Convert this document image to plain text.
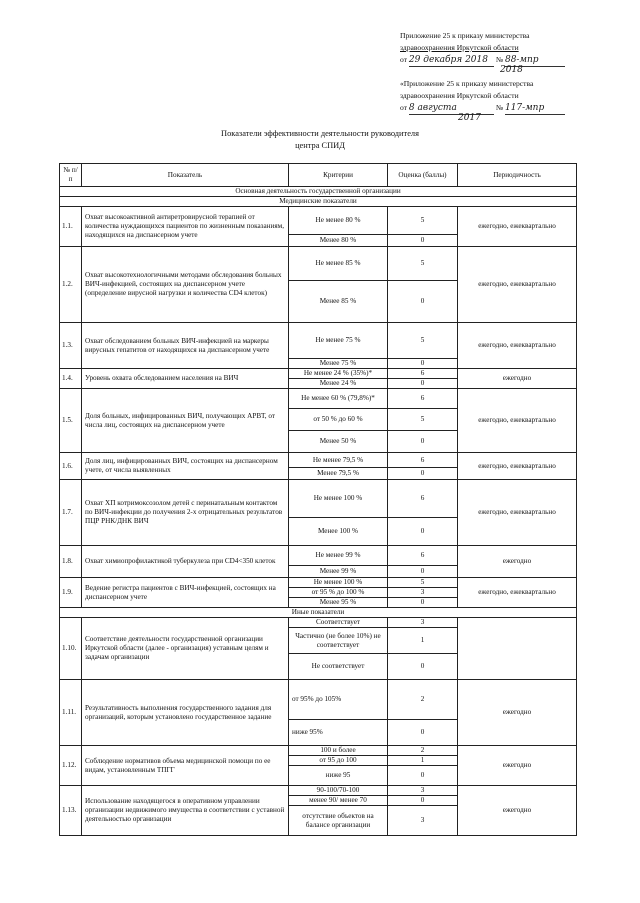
Приложение 25 к приказу министерства
здравоохранения Иркутской области
от 29 декабря 2018 № 88-мпр
2018
«Приложение 25 к приказу министерства
здравоохранения Иркутской области
от 8 августа	№ 117-мпр
2017
Показатели эффективности деятельности руководителя
центра СПИД
№ п/п	Показатель	Критерии	Оценка (баллы)	Периодичность
Основная деятельность государственной организации				
Медицинские показатели				
1.1.	Охват высокоактивной антиретровирусной терапией от количества нуждающихся пациентов по жизненным показаниям, находящихся на диспансерном учете	Не менее 80 %	5	ежегодно, ежеквартально
		Менее 80 %	0	
1.2.	Охват высокотехнологичными методами обследования больных ВИЧ-инфекцией, состоящих на диспансерном учете (определение вирусной нагрузки и количества CD4 клеток)	Не менее 85 %	5	ежегодно, ежеквартально
		Менее 85 %	0	
1.3.	Охват обследованием больных ВИЧ-инфекцией на маркеры вирусных гепатитов от находящихся на диспансерном учете	Не менее 75 %	5	ежегодно, ежеквартально
		Менее 75 %	0	
1.4.	Уровень охвата обследованием населения на ВИЧ	Не менее 24 % (35%)*	6	ежегодно
		Менее 24 %	0	
1.5.	Доля больных, инфицированных ВИЧ, получающих АРВТ, от числа лиц, состоящих на диспансерном учете	Не менее 60 % (79,8%)*	6	ежегодно, ежеквартально
		от 50 % до 60 %	5	
		Менее 50 %	0	
1.6.	Доля лиц, инфицированных ВИЧ, состоящих на диспансерном учете, от числа выявленных	Не менее 79,5 %	6	ежегодно, ежеквартально
		Менее 79,5 %	0	
1.7.	Охват ХП котримоксозолом детей с перинатальным контактом по ВИЧ-инфекции до получения 2-х отрицательных результатов ПЦР РНК/ДНК ВИЧ	Не менее 100 %	6	ежегодно, ежеквартально
		Менее 100 %	0	
1.8.	Охват химиопрофилактикой туберкулеза при CD4<350 клеток	Не менее 99 %	6	ежегодно
		Менее 99 %	0	
1.9.	Ведение регистра пациентов с ВИЧ-инфекцией, состоящих на диспансерном учете	Не менее 100 %	5	ежегодно, ежеквартально
		от 95 % до 100 %	3	
		Менее 95 %	0	
Иные показатели				
1.10.	Соответствие деятельности государственной организации Иркутской области (далее - организация) уставным целям и задачам организации	Соответствует	3	
		Частично (не более 10%) не соответствует	1	
		Не соответствует	0	
1.11.	Результативность выполнения государственного задания для организаций, которым установлено государственное задание	от 95% до 105%	2	ежегодно
		ниже 95%	0	
1.12.	Соблюдение нормативов объема медицинской помощи по ее видам, установленным ТПГГ	100 и более	2	ежегодно
		от 95 до 100	1	
		ниже 95	0	
1.13.	Использование находящегося в оперативном управлении организации недвижимого имущества в соответствии с уставной деятельностью организации	90-100/70-100	3	ежегодно
		менее 90/ менее 70	0	
		отсутствие объектов на балансе организации	3	
